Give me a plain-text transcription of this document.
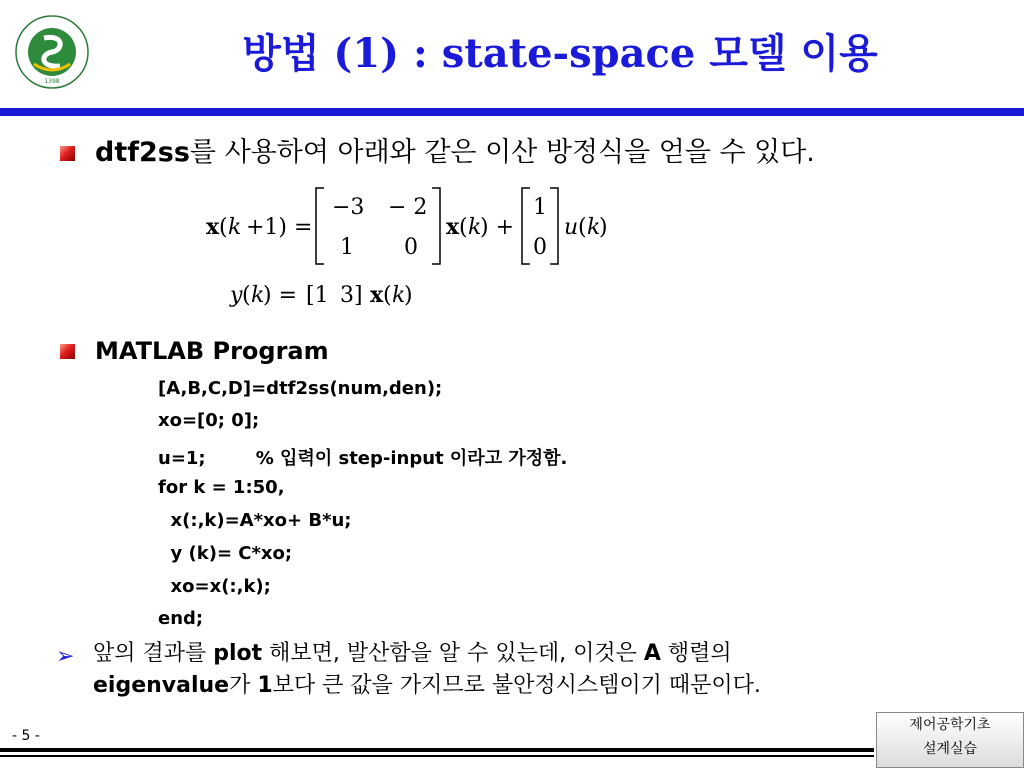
1398
방법 (1) : state-space 모델 이용
dtf2ss를 사용하여 아래와 같은 이산 방정식을 얻을 수 있다.
x ( k +1) =
−3 − 2
1 0
x ( k
) +
1
0
u ( k
)
y ( k
) = [1 3] x ( k
)
MATLAB Program
[A,B,C,D]=dtf2ss(num,den);
xo=[0; 0];
u=1;        % 입력이 step-input 이라고 가정함.
for k = 1:50,
x(:,k)=A*xo+ B*u;
y (k)= C*xo;
xo=x(:,k);
end;
➢ 앞의 결과를 plot 해보면, 발산함을 알 수 있는데, 이것은 A 행렬의
eigenvalue가 1보다 큰 값을 가지므로 불안정시스템이기 때문이다.
- 5 -
제어공학기초
설계실습
